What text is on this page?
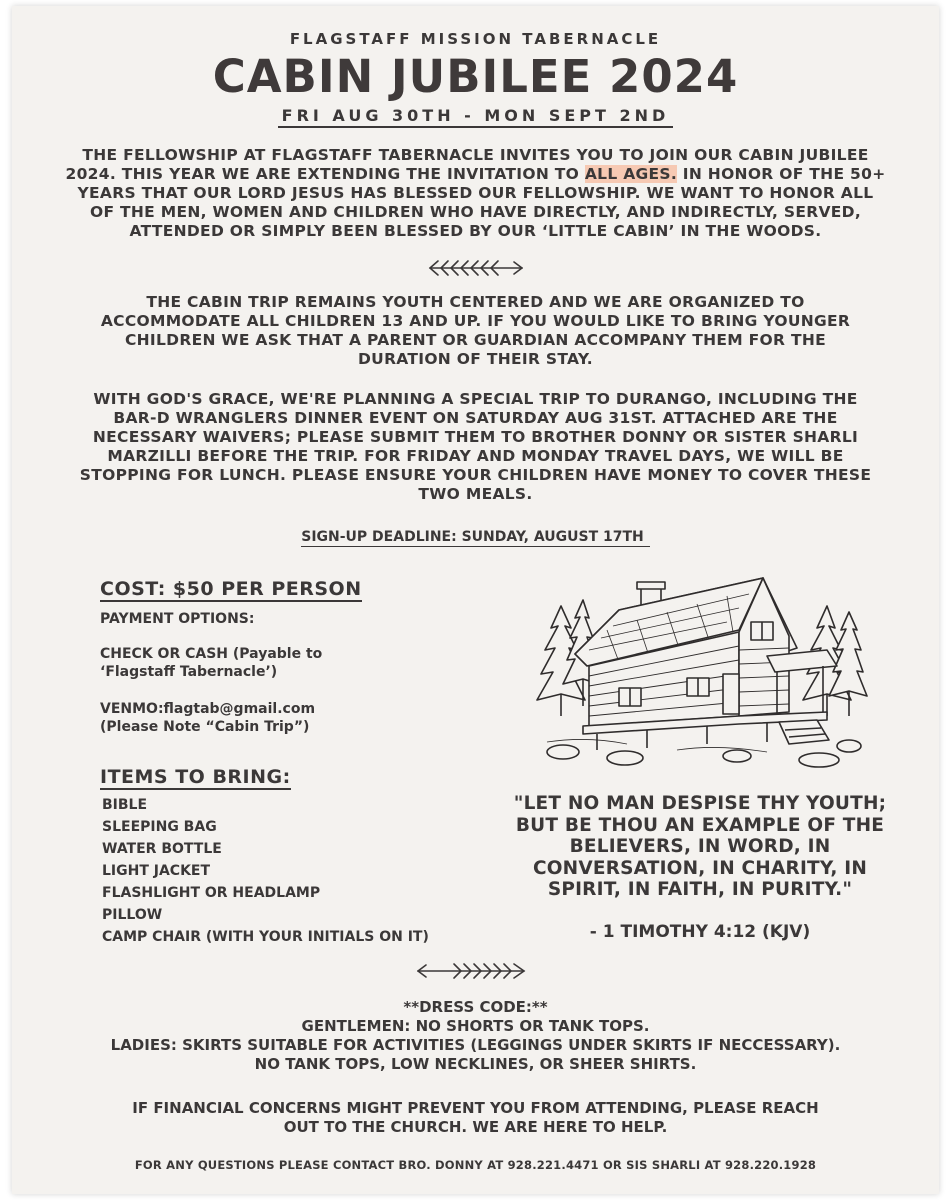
FLAGSTAFF MISSION TABERNACLE
CABIN JUBILEE 2024
FRI AUG 30TH - MON SEPT 2ND
THE FELLOWSHIP AT FLAGSTAFF TABERNACLE INVITES YOU TO JOIN OUR CABIN JUBILEE 2024. THIS YEAR WE ARE EXTENDING THE INVITATION TO ALL AGES. IN HONOR OF THE 50+ YEARS THAT OUR LORD JESUS HAS BLESSED OUR FELLOWSHIP. WE WANT TO HONOR ALL OF THE MEN, WOMEN AND CHILDREN WHO HAVE DIRECTLY, AND INDIRECTLY, SERVED, ATTENDED OR SIMPLY BEEN BLESSED BY OUR ‘LITTLE CABIN’ IN THE WOODS.
THE CABIN TRIP REMAINS YOUTH CENTERED AND WE ARE ORGANIZED TO ACCOMMODATE ALL CHILDREN 13 AND UP. IF YOU WOULD LIKE TO BRING YOUNGER CHILDREN WE ASK THAT A PARENT OR GUARDIAN ACCOMPANY THEM FOR THE DURATION OF THEIR STAY.
WITH GOD'S GRACE, WE'RE PLANNING A SPECIAL TRIP TO DURANGO, INCLUDING THE BAR-D WRANGLERS DINNER EVENT ON SATURDAY AUG 31ST. ATTACHED ARE THE NECESSARY WAIVERS; PLEASE SUBMIT THEM TO BROTHER DONNY OR SISTER SHARLI MARZILLI BEFORE THE TRIP. FOR FRIDAY AND MONDAY TRAVEL DAYS, WE WILL BE STOPPING FOR LUNCH. PLEASE ENSURE YOUR CHILDREN HAVE MONEY TO COVER THESE TWO MEALS.
SIGN-UP DEADLINE: SUNDAY, AUGUST 17TH
COST: $50 PER PERSON
PAYMENT OPTIONS:
CHECK OR CASH (Payable to
‘Flagstaff Tabernacle’)
VENMO:flagtab@gmail.com
(Please Note “Cabin Trip”)
ITEMS TO BRING:
BIBLE
SLEEPING BAG
WATER BOTTLE
LIGHT JACKET
FLASHLIGHT OR HEADLAMP
PILLOW
CAMP CHAIR (WITH YOUR INITIALS ON IT)
"LET NO MAN DESPISE THY YOUTH; BUT BE THOU AN EXAMPLE OF THE BELIEVERS, IN WORD, IN CONVERSATION, IN CHARITY, IN SPIRIT, IN FAITH, IN PURITY."
- 1 TIMOTHY 4:12 (KJV)
**DRESS CODE:**
GENTLEMEN: NO SHORTS OR TANK TOPS.
LADIES: SKIRTS SUITABLE FOR ACTIVITIES (LEGGINGS UNDER SKIRTS IF NECCESSARY).
NO TANK TOPS, LOW NECKLINES, OR SHEER SHIRTS.
IF FINANCIAL CONCERNS MIGHT PREVENT YOU FROM ATTENDING, PLEASE REACH
OUT TO THE CHURCH. WE ARE HERE TO HELP.
FOR ANY QUESTIONS PLEASE CONTACT BRO. DONNY AT 928.221.4471 OR SIS SHARLI AT 928.220.1928
